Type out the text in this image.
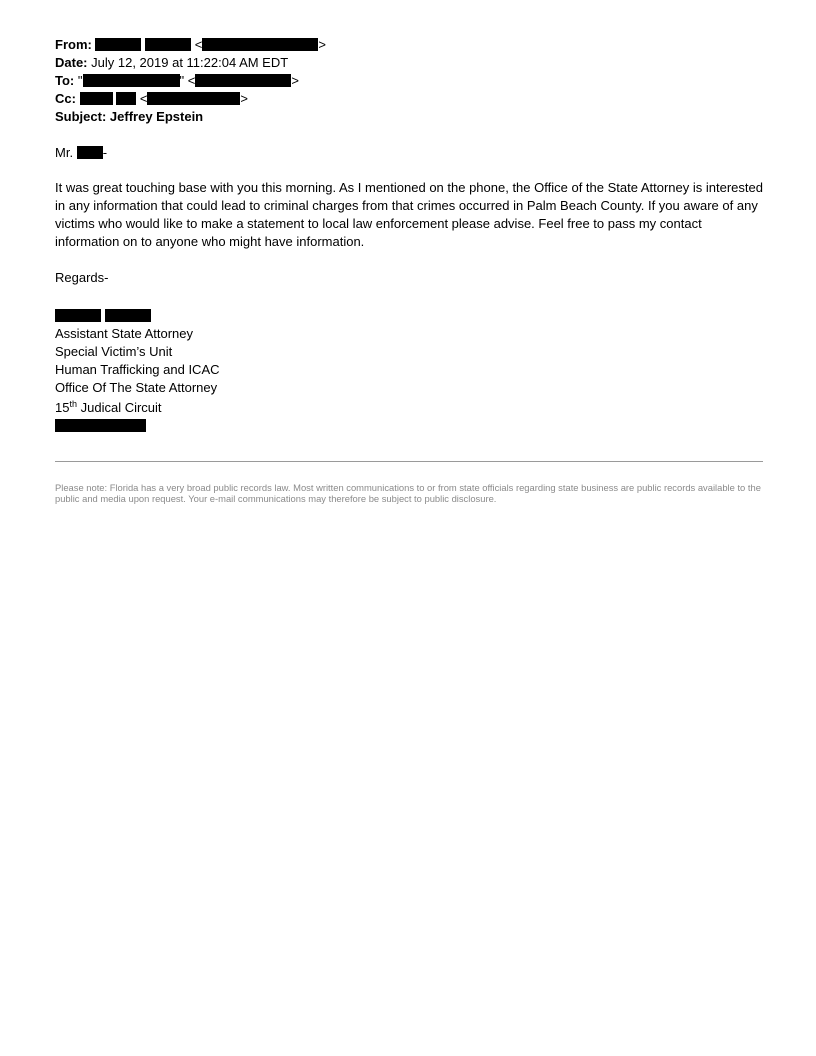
From:	<	>
Date: July 12, 2019 at 11:22:04 AM EDT
To: "	" <	>
Cc:	<	>
Subject: Jeffrey Epstein
Mr. -
It was great touching base with you this morning. As I mentioned on the phone, the Office of the State Attorney is interested in any information that could lead to criminal charges from that crimes occurred in Palm Beach County. If you aware of any victims who would like to make a statement to local law enforcement please advise. Feel free to pass my contact information on to anyone who might have information.
Regards-

Assistant State Attorney
Special Victim’s Unit
Human Trafficking and ICAC
Office Of The State Attorney
15th Judical Circuit
Please note: Florida has a very broad public records law. Most written communications to or from state officials regarding state business are public records available to the public and media upon request. Your e-mail communications may therefore be subject to public disclosure.
